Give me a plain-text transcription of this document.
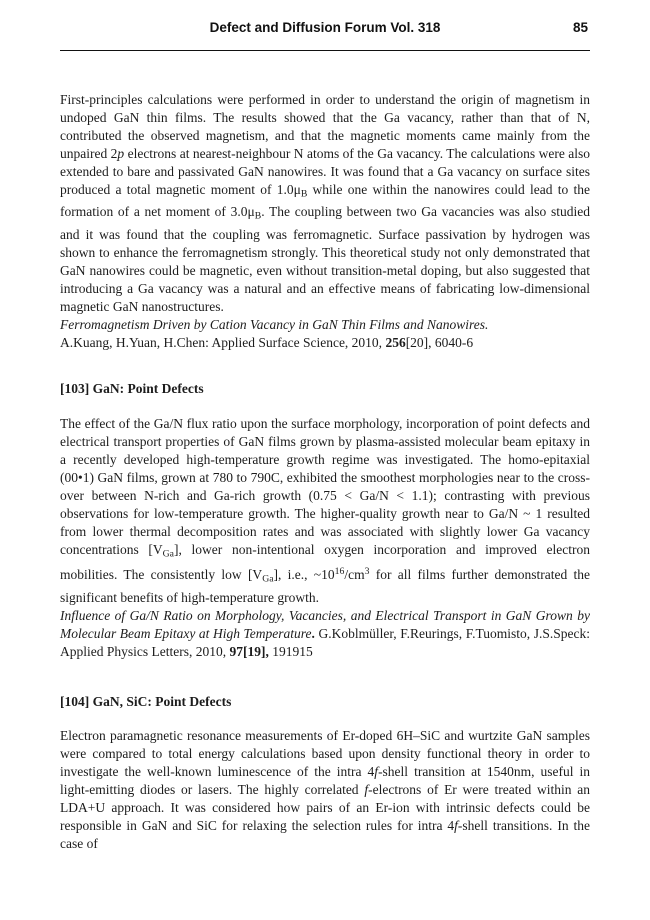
Defect and Diffusion Forum Vol. 318	85

First-principles calculations were performed in order to understand the origin of magnetism in undoped GaN thin films. The results showed that the Ga vacancy, rather than that of N, contributed the observed magnetism, and that the magnetic moments came mainly from the unpaired 2p electrons at nearest-neighbour N atoms of the Ga vacancy. The calculations were also extended to bare and passivated GaN nanowires. It was found that a Ga vacancy on surface sites produced a total magnetic moment of 1.0μB while one within the nanowires could lead to the formation of a net moment of 3.0μB. The coupling between two Ga vacancies was also studied and it was found that the coupling was ferromagnetic. Surface passivation by hydrogen was shown to enhance the ferromagnetism strongly. This theoretical study not only demonstrated that GaN nanowires could be magnetic, even without transition-metal doping, but also suggested that introducing a Ga vacancy was a natural and an effective means of fabricating low-dimensional magnetic GaN nanostructures.

Ferromagnetism Driven by Cation Vacancy in GaN Thin Films and Nanowires.
A.Kuang, H.Yuan, H.Chen: Applied Surface Science, 2010, 256[20], 6040-6

[103] GaN: Point Defects

The effect of the Ga/N flux ratio upon the surface morphology, incorporation of point defects and electrical transport properties of GaN films grown by plasma-assisted molecular beam epitaxy in a recently developed high-temperature growth regime was investigated. The homo-epitaxial (00•1) GaN films, grown at 780 to 790C, exhibited the smoothest morphologies near to the cross-over between N-rich and Ga-rich growth (0.75 < Ga/N < 1.1); contrasting with previous observations for low-temperature growth. The higher-quality growth near to Ga/N ~ 1 resulted from lower thermal decomposition rates and was associated with slightly lower Ga vacancy concentrations [VGa], lower non-intentional oxygen incorporation and improved electron mobilities. The consistently low [VGa], i.e., $\sim 10^{16}/cm^3$ for all films further demonstrated the significant benefits of high-temperature growth.

Influence of Ga/N Ratio on Morphology, Vacancies, and Electrical Transport in GaN Grown by Molecular Beam Epitaxy at High Temperature. G.Koblmüller, F.Reurings, F.Tuomisto, J.S.Speck: Applied Physics Letters, 2010, 97[19], 191915

[104] GaN, SiC: Point Defects

Electron paramagnetic resonance measurements of Er-doped 6H–SiC and wurtzite GaN samples were compared to total energy calculations based upon density functional theory in order to investigate the well-known luminescence of the intra 4f-shell transition at 1540nm, useful in light-emitting diodes or lasers. The highly correlated f-electrons of Er were treated within an LDA+U approach. It was considered how pairs of an Er-ion with intrinsic defects could be responsible in GaN and SiC for relaxing the selection rules for intra 4f-shell transitions. In the case of
